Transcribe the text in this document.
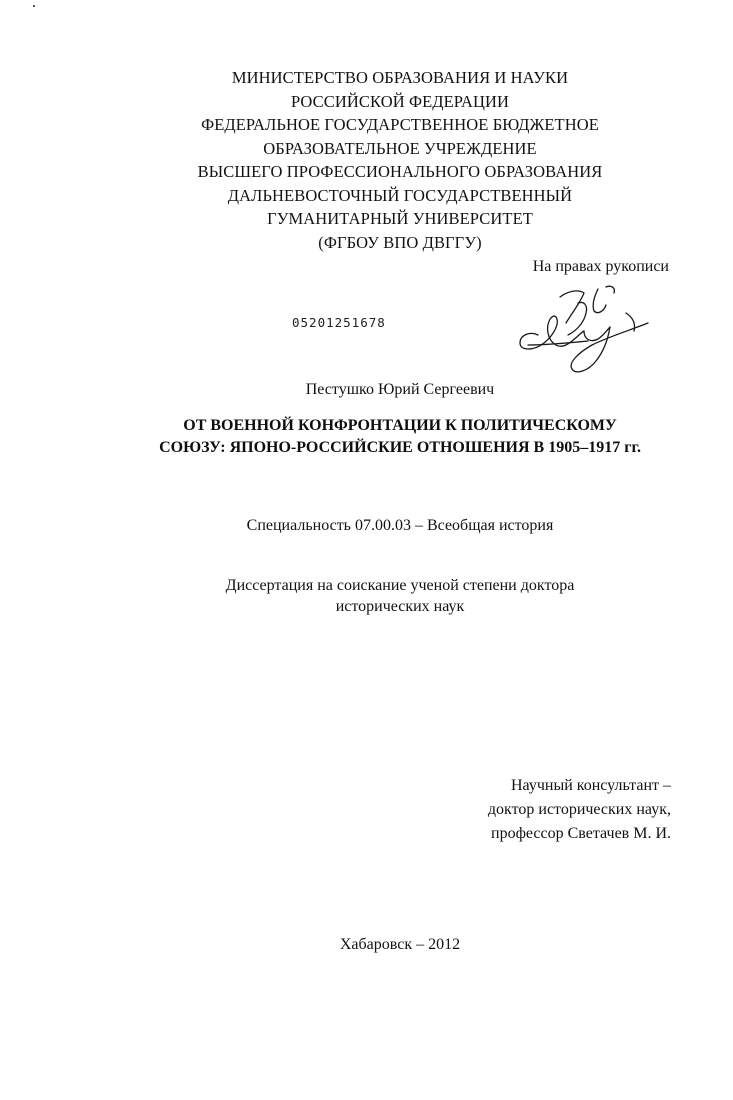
МИНИСТЕРСТВО ОБРАЗОВАНИЯ И НАУКИ
РОССИЙСКОЙ ФЕДЕРАЦИИ
ФЕДЕРАЛЬНОЕ ГОСУДАРСТВЕННОЕ БЮДЖЕТНОЕ
ОБРАЗОВАТЕЛЬНОЕ УЧРЕЖДЕНИЕ
ВЫСШЕГО ПРОФЕССИОНАЛЬНОГО ОБРАЗОВАНИЯ
ДАЛЬНЕВОСТОЧНЫЙ ГОСУДАРСТВЕННЫЙ
ГУМАНИТАРНЫЙ УНИВЕРСИТЕТ
(ФГБОУ ВПО ДВГГУ)
На правах рукописи
05201251678
Пестушко Юрий Сергеевич
ОТ ВОЕННОЙ КОНФРОНТАЦИИ К ПОЛИТИЧЕСКОМУ
СОЮЗУ: ЯПОНО-РОССИЙСКИЕ ОТНОШЕНИЯ В 1905–1917 гг.
Специальность 07.00.03 – Всеобщая история
Диссертация на соискание ученой степени доктора
исторических наук
Научный консультант –
доктор исторических наук,
профессор Светачев М. И.
Хабаровск – 2012
